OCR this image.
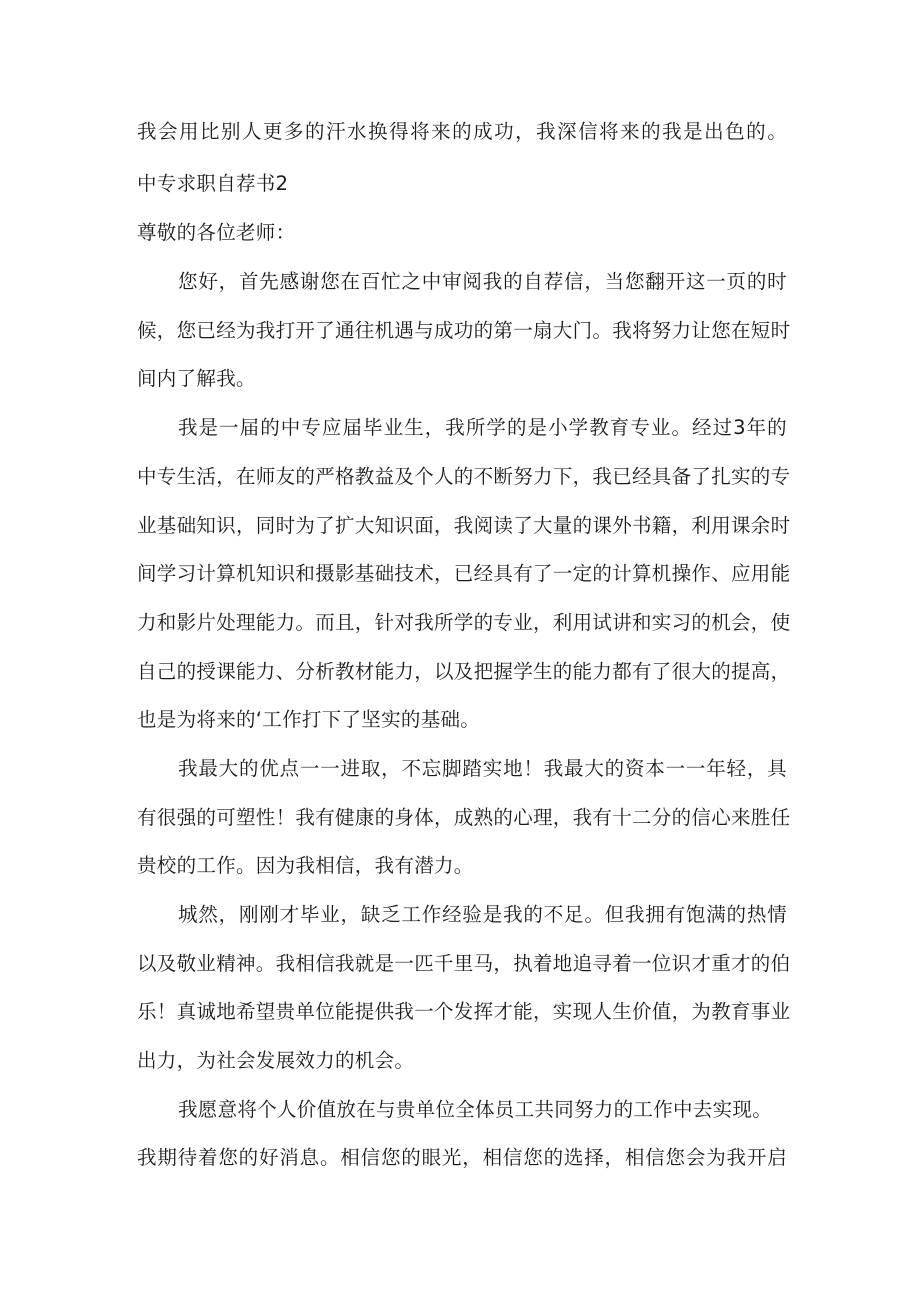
我会用比别人更多的汗水换得将来的成功，我深信将来的我是出色的。
中专求职自荐书2
尊敬的各位老师：
您好，首先感谢您在百忙之中审阅我的自荐信，当您翻开这一页的时
候，您已经为我打开了通往机遇与成功的第一扇大门。我将努力让您在短时
间内了解我。
我是一届的中专应届毕业生，我所学的是小学教育专业。经过3年的
中专生活，在师友的严格教益及个人的不断努力下，我已经具备了扎实的专
业基础知识，同时为了扩大知识面，我阅读了大量的课外书籍，利用课余时
间学习计算机知识和摄影基础技术，已经具有了一定的计算机操作、应用能
力和影片处理能力。而且，针对我所学的专业，利用试讲和实习的机会，使
自己的授课能力、分析教材能力，以及把握学生的能力都有了很大的提高，
也是为将来的‘工作打下了坚实的基础。
我最大的优点一一进取，不忘脚踏实地！我最大的资本一一年轻，具
有很强的可塑性！我有健康的身体，成熟的心理，我有十二分的信心来胜任
贵校的工作。因为我相信，我有潜力。
城然，刚刚才毕业，缺乏工作经验是我的不足。但我拥有饱满的热情
以及敬业精神。我相信我就是一匹千里马，执着地追寻着一位识才重才的伯
乐！真诚地希望贵单位能提供我一个发挥才能，实现人生价值，为教育事业
出力，为社会发展效力的机会。
我愿意将个人价值放在与贵单位全体员工共同努力的工作中去实现。
我期待着您的好消息。相信您的眼光，相信您的选择，相信您会为我开启
